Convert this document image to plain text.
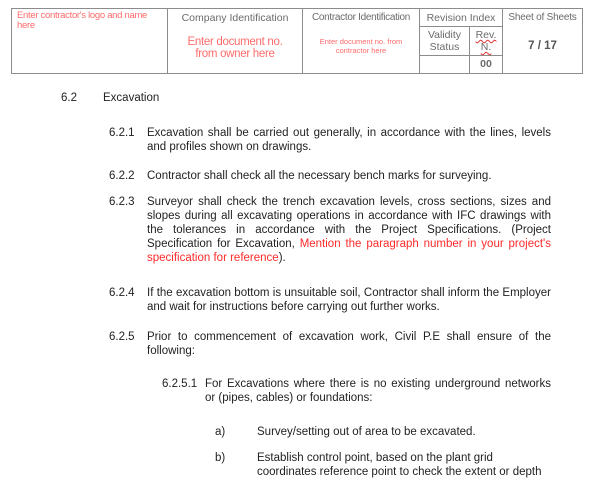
Enter contractor's logo and name here
Company Identification
Enter document no. from owner here
Contractor Identification
Enter document no. from contractor here
Revision Index
Validity Status
Rev. N.
00
Sheet of Sheets
7 / 17
6.2 Excavation
6.2.1 Excavation shall be carried out generally, in accordance with the lines, levels and profiles shown on drawings.
6.2.2 Contractor shall check all the necessary bench marks for surveying.
6.2.3 Surveyor shall check the trench excavation levels, cross sections, sizes and slopes during all excavating operations in accordance with IFC drawings with the tolerances in accordance with the Project Specifications. (Project Specification for Excavation, Mention the paragraph number in your project's specification for reference).
6.2.4 If the excavation bottom is unsuitable soil, Contractor shall inform the Employer and wait for instructions before carrying out further works.
6.2.5 Prior to commencement of excavation work, Civil P.E shall ensure of the following:
6.2.5.1 For Excavations where there is no existing underground networks or (pipes, cables) or foundations:
a)	Survey/setting out of area to be excavated.
b)	Establish control point, based on the plant grid
coordinates reference point to check the extent or depth
